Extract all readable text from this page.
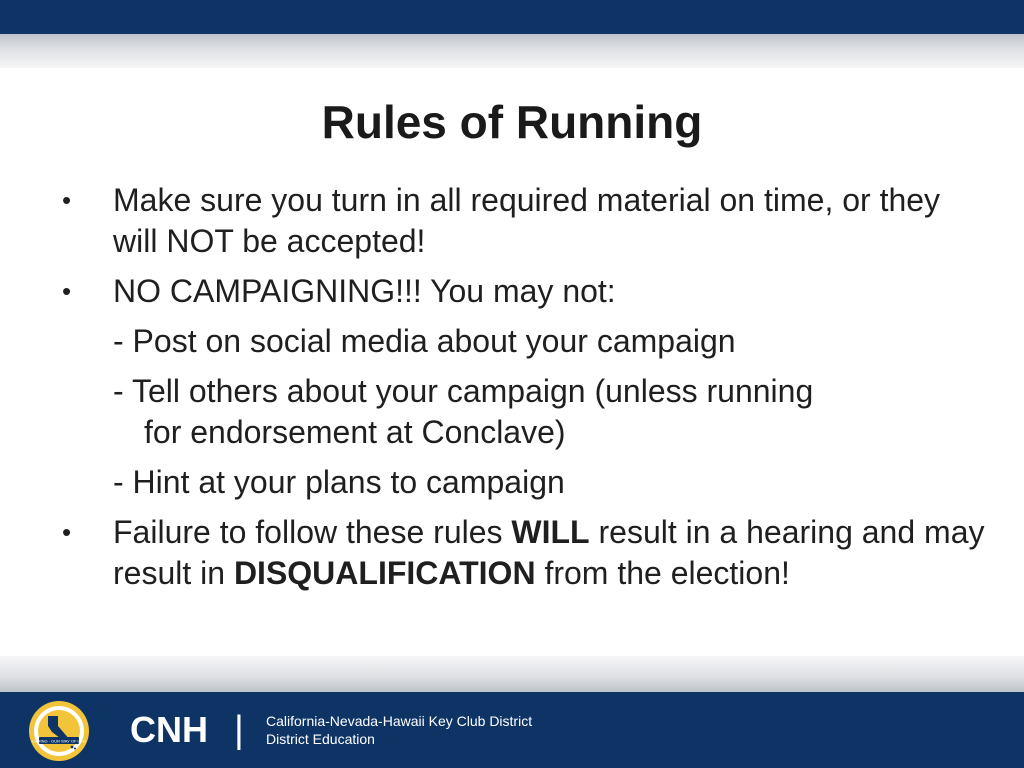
Rules of Running
• Make sure you turn in all required material on time, or they will NOT be accepted!
• NO CAMPAIGNING!!! You may not:
- Post on social media about your campaign
- Tell others about your campaign (unless running
for endorsement at Conclave)
- Hint at your plans to campaign
• Failure to follow these rules WILL result in a hearing and may result in DISQUALIFICATION from the election!
CARING · OUR WAY OF LIFE CNH | California-Nevada-Hawaii Key Club District
District Education
